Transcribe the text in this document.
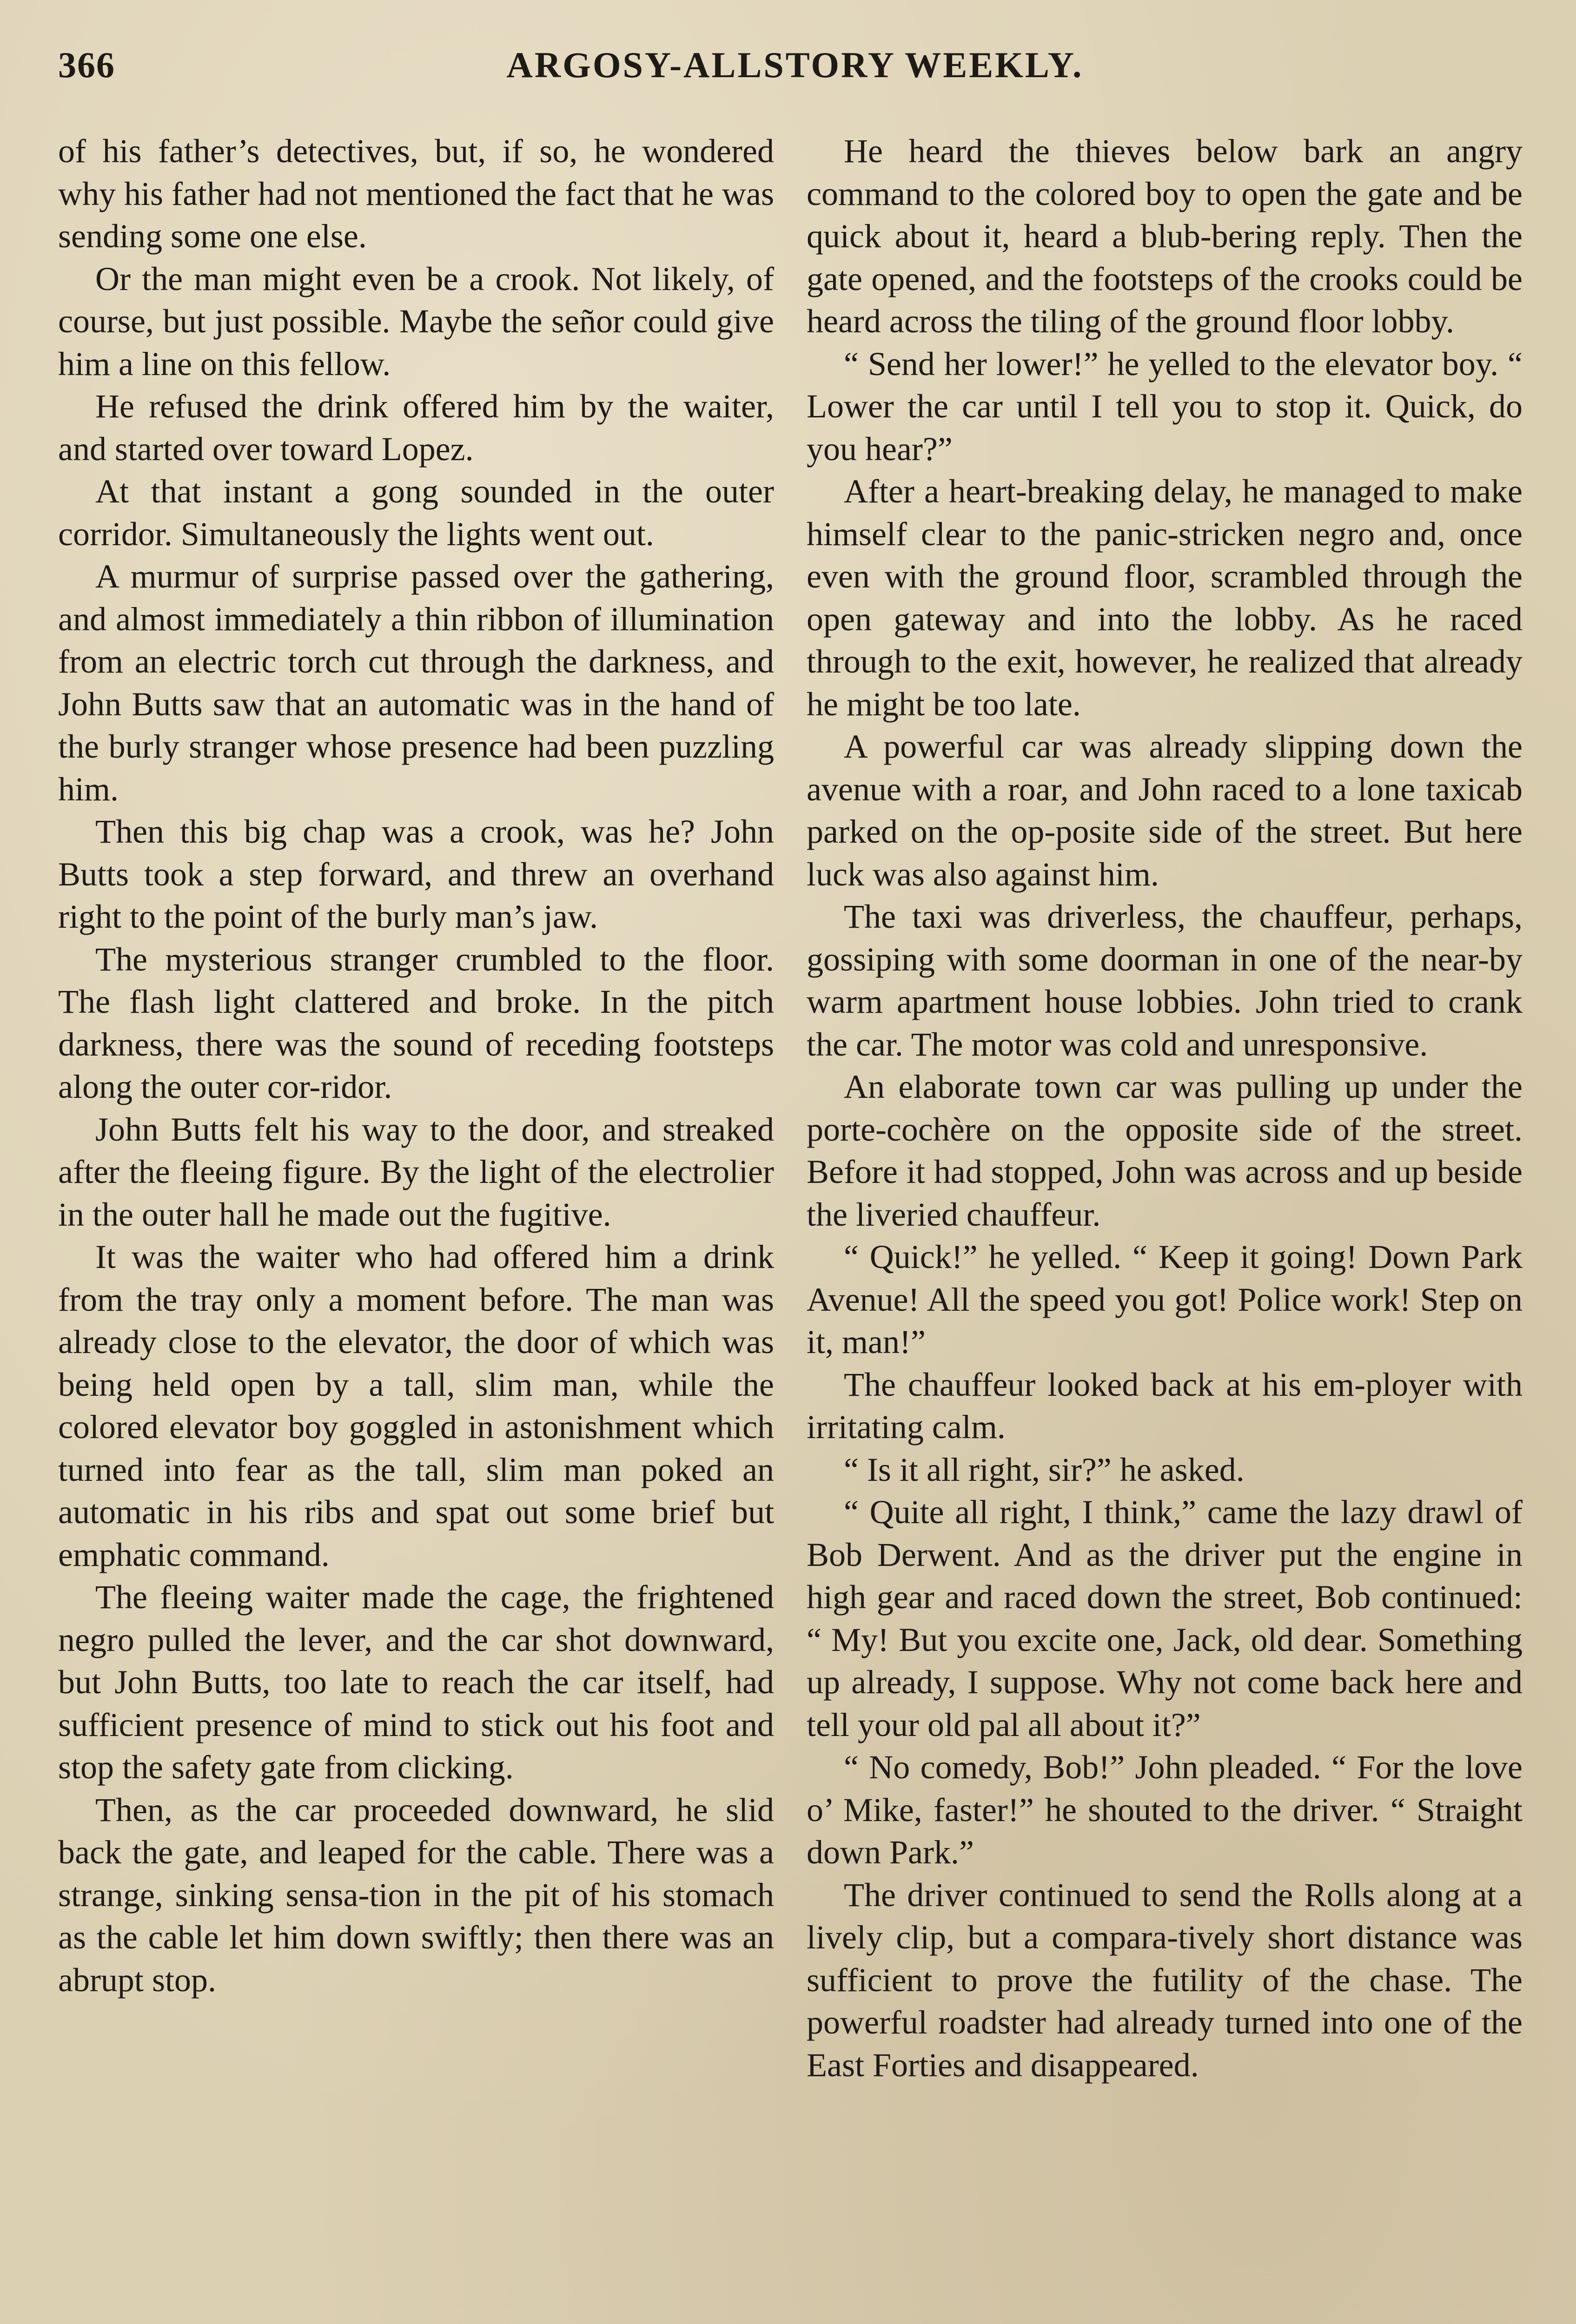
366	ARGOSY-ALLSTORY WEEKLY.

of his father’s detectives, but, if so, he wondered why his father had not mentioned the fact that he was sending some one else.

Or the man might even be a crook. Not likely, of course, but just possible. Maybe the señor could give him a line on this fellow.

He refused the drink offered him by the waiter, and started over toward Lopez.

At that instant a gong sounded in the outer corridor. Simultaneously the lights went out.

A murmur of surprise passed over the gathering, and almost immediately a thin ribbon of illumination from an electric torch cut through the darkness, and John Butts saw that an automatic was in the hand of the burly stranger whose presence had been puzzling him.

Then this big chap was a crook, was he? John Butts took a step forward, and threw an overhand right to the point of the burly man’s jaw.

The mysterious stranger crumbled to the floor. The flash light clattered and broke. In the pitch darkness, there was the sound of receding footsteps along the outer cor-ridor.

John Butts felt his way to the door, and streaked after the fleeing figure. By the light of the electrolier in the outer hall he made out the fugitive.

It was the waiter who had offered him a drink from the tray only a moment before. The man was already close to the elevator, the door of which was being held open by a tall, slim man, while the colored elevator boy goggled in astonishment which turned into fear as the tall, slim man poked an automatic in his ribs and spat out some brief but emphatic command.

The fleeing waiter made the cage, the frightened negro pulled the lever, and the car shot downward, but John Butts, too late to reach the car itself, had sufficient presence of mind to stick out his foot and stop the safety gate from clicking.

Then, as the car proceeded downward, he slid back the gate, and leaped for the cable. There was a strange, sinking sensa-tion in the pit of his stomach as the cable let him down swiftly; then there was an abrupt stop.

He heard the thieves below bark an angry command to the colored boy to open the gate and be quick about it, heard a blub-bering reply. Then the gate opened, and the footsteps of the crooks could be heard across the tiling of the ground floor lobby.

“ Send her lower!” he yelled to the elevator boy. “ Lower the car until I tell you to stop it. Quick, do you hear?”

After a heart-breaking delay, he managed to make himself clear to the panic-stricken negro and, once even with the ground floor, scrambled through the open gateway and into the lobby. As he raced through to the exit, however, he realized that already he might be too late.

A powerful car was already slipping down the avenue with a roar, and John raced to a lone taxicab parked on the op-posite side of the street. But here luck was also against him.

The taxi was driverless, the chauffeur, perhaps, gossiping with some doorman in one of the near-by warm apartment house lobbies. John tried to crank the car. The motor was cold and unresponsive.

An elaborate town car was pulling up under the porte-cochère on the opposite side of the street. Before it had stopped, John was across and up beside the liveried chauffeur.

“ Quick!” he yelled. “ Keep it going! Down Park Avenue! All the speed you got! Police work! Step on it, man!”

The chauffeur looked back at his em-ployer with irritating calm.

“ Is it all right, sir?” he asked.

“ Quite all right, I think,” came the lazy drawl of Bob Derwent. And as the driver put the engine in high gear and raced down the street, Bob continued: “ My! But you excite one, Jack, old dear. Something up already, I suppose. Why not come back here and tell your old pal all about it?”

“ No comedy, Bob!” John pleaded. “ For the love o’ Mike, faster!” he shouted to the driver. “ Straight down Park.”

The driver continued to send the Rolls along at a lively clip, but a compara-tively short distance was sufficient to prove the futility of the chase. The powerful roadster had already turned into one of the East Forties and disappeared.
